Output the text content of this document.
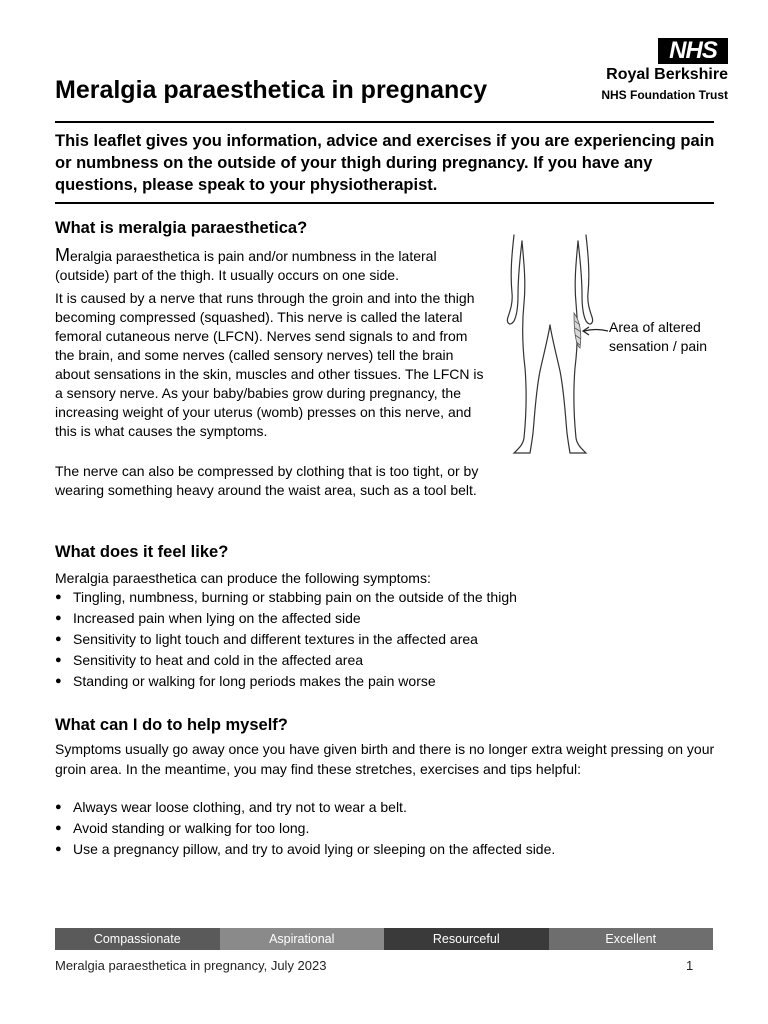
Meralgia paraesthetica in pregnancy
NHS
Royal Berkshire
NHS Foundation Trust
This leaflet gives you information, advice and exercises if you are experiencing pain or numbness on the outside of your thigh during pregnancy. If you have any questions, please speak to your physiotherapist.
What is meralgia paraesthetica?
Meralgia paraesthetica is pain and/or numbness in the lateral (outside) part of the thigh. It usually occurs on one side.
It is caused by a nerve that runs through the groin and into the thigh becoming compressed (squashed). This nerve is called the lateral femoral cutaneous nerve (LFCN). Nerves send signals to and from the brain, and some nerves (called sensory nerves) tell the brain about sensations in the skin, muscles and other tissues. The LFCN is a sensory nerve. As your baby/babies grow during pregnancy, the increasing weight of your uterus (womb) presses on this nerve, and this is what causes the symptoms.
The nerve can also be compressed by clothing that is too tight, or by wearing something heavy around the waist area, such as a tool belt.
Area of altered sensation / pain
What does it feel like?
Meralgia paraesthetica can produce the following symptoms:
● Tingling, numbness, burning or stabbing pain on the outside of the thigh
● Increased pain when lying on the affected side
● Sensitivity to light touch and different textures in the affected area
● Sensitivity to heat and cold in the affected area
● Standing or walking for long periods makes the pain worse
What can I do to help myself?
Symptoms usually go away once you have given birth and there is no longer extra weight pressing on your groin area. In the meantime, you may find these stretches, exercises and tips helpful:
● Always wear loose clothing, and try not to wear a belt.
● Avoid standing or walking for too long.
● Use a pregnancy pillow, and try to avoid lying or sleeping on the affected side.
Compassionate	Aspirational	Resourceful	Excellent
Meralgia paraesthetica in pregnancy, July 2023	1
